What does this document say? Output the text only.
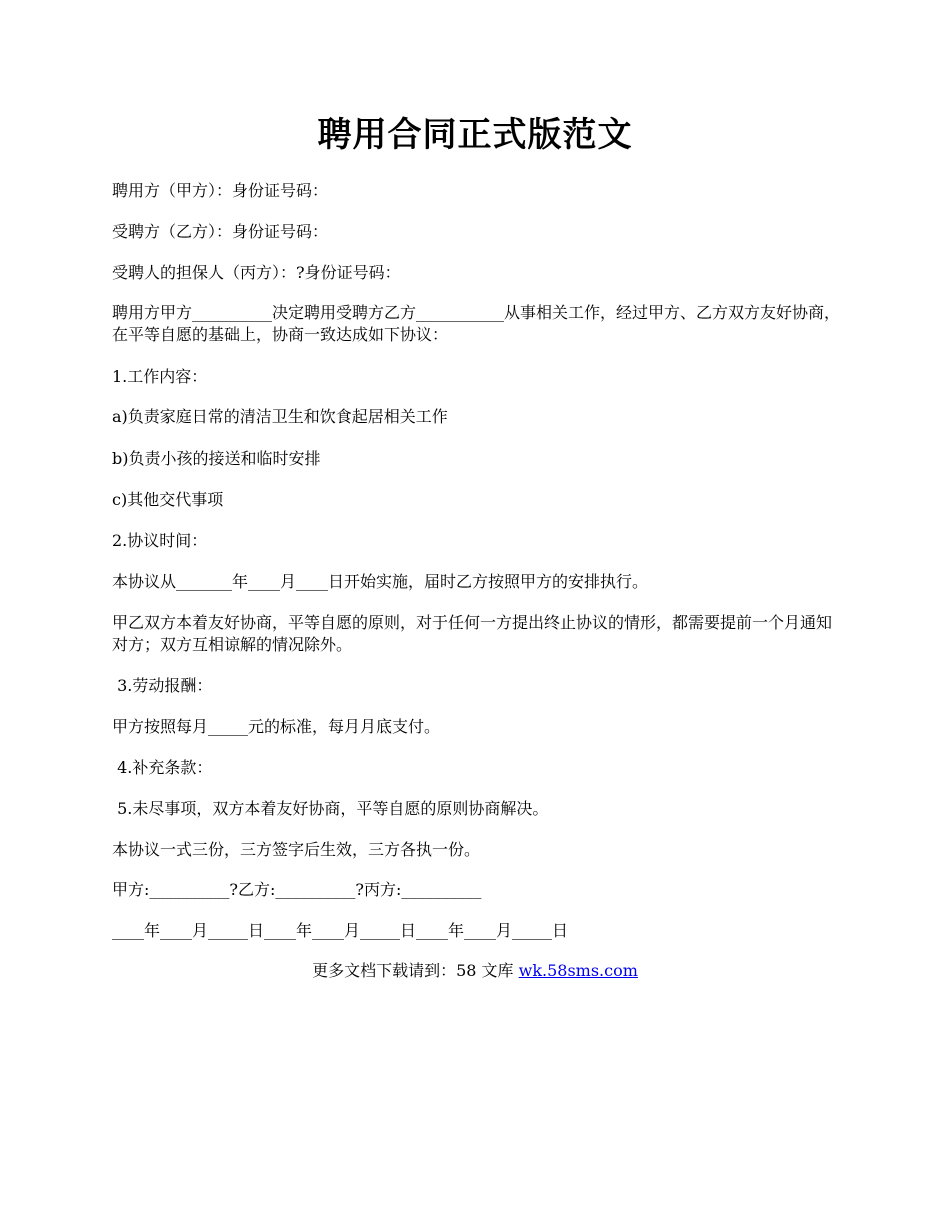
聘用合同正式版范文
聘用方（甲方）：身份证号码：
受聘方（乙方）：身份证号码：
受聘人的担保人（丙方）：?身份证号码：
聘用方甲方__________决定聘用受聘方乙方___________从事相关工作，经过甲方、乙方双方友好协商，在平等自愿的基础上，协商一致达成如下协议：
1.工作内容：
a)负责家庭日常的清洁卫生和饮食起居相关工作
b)负责小孩的接送和临时安排
c)其他交代事项
2.协议时间：
本协议从_______年____月____日开始实施，届时乙方按照甲方的安排执行。
甲乙双方本着友好协商，平等自愿的原则，对于任何一方提出终止协议的情形，都需要提前一个月通知对方；双方互相谅解的情况除外。
3.劳动报酬：
甲方按照每月_____元的标准，每月月底支付。
4.补充条款：
5.未尽事项，双方本着友好协商，平等自愿的原则协商解决。
本协议一式三份，三方签字后生效，三方各执一份。
甲方:__________?乙方:__________?丙方:__________
____年____月_____日____年____月_____日____年____月_____日
更多文档下载请到：58 文库 wk.58sms.com
